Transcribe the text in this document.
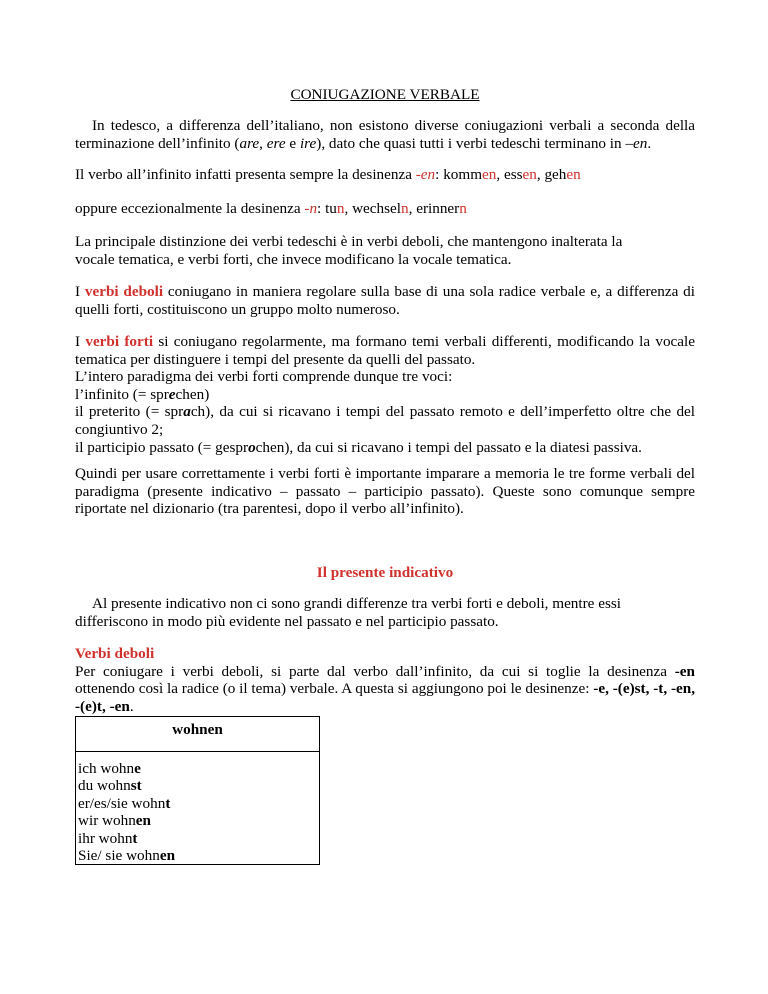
CONIUGAZIONE VERBALE

In tedesco, a differenza dell’italiano, non esistono diverse coniugazioni verbali a seconda della terminazione dell’infinito (are, ere e ire), dato che quasi tutti i verbi tedeschi terminano in –en.

Il verbo all’infinito infatti presenta sempre la desinenza -en: kommen, essen, gehen

oppure eccezionalmente la desinenza -n: tun, wechseln, erinnern

La principale distinzione dei verbi tedeschi è in verbi deboli, che mantengono inalterata la vocale tematica, e verbi forti, che invece modificano la vocale tematica.

I verbi deboli coniugano in maniera regolare sulla base di una sola radice verbale e, a differenza di quelli forti, costituiscono un gruppo molto numeroso.

I verbi forti si coniugano regolarmente, ma formano temi verbali differenti, modificando la vocale tematica per distinguere i tempi del presente da quelli del passato.

L’intero paradigma dei verbi forti comprende dunque tre voci:

l’infinito (= sprechen)

il preterito (= sprach), da cui si ricavano i tempi del passato remoto e dell’imperfetto oltre che del congiuntivo 2;

il participio passato (= gesprochen), da cui si ricavano i tempi del passato e la diatesi passiva.

Quindi per usare correttamente i verbi forti è importante imparare a memoria le tre forme verbali del paradigma (presente indicativo – passato – participio passato). Queste sono comunque sempre riportate nel dizionario (tra parentesi, dopo il verbo all’infinito).

Il presente indicativo

Al presente indicativo non ci sono grandi differenze tra verbi forti e deboli, mentre essi differiscono in modo più evidente nel passato e nel participio passato.

Verbi deboli

Per coniugare i verbi deboli, si parte dal verbo dall’infinito, da cui si toglie la desinenza -en ottenendo così la radice (o il tema) verbale. A questa si aggiungono poi le desinenze: -e, -(e)st, -t, -en, -(e)t, -en.

wohnen

ich wohne
du wohnst
er/es/sie wohnt
wir wohnen
ihr wohnt
Sie/ sie wohnen
